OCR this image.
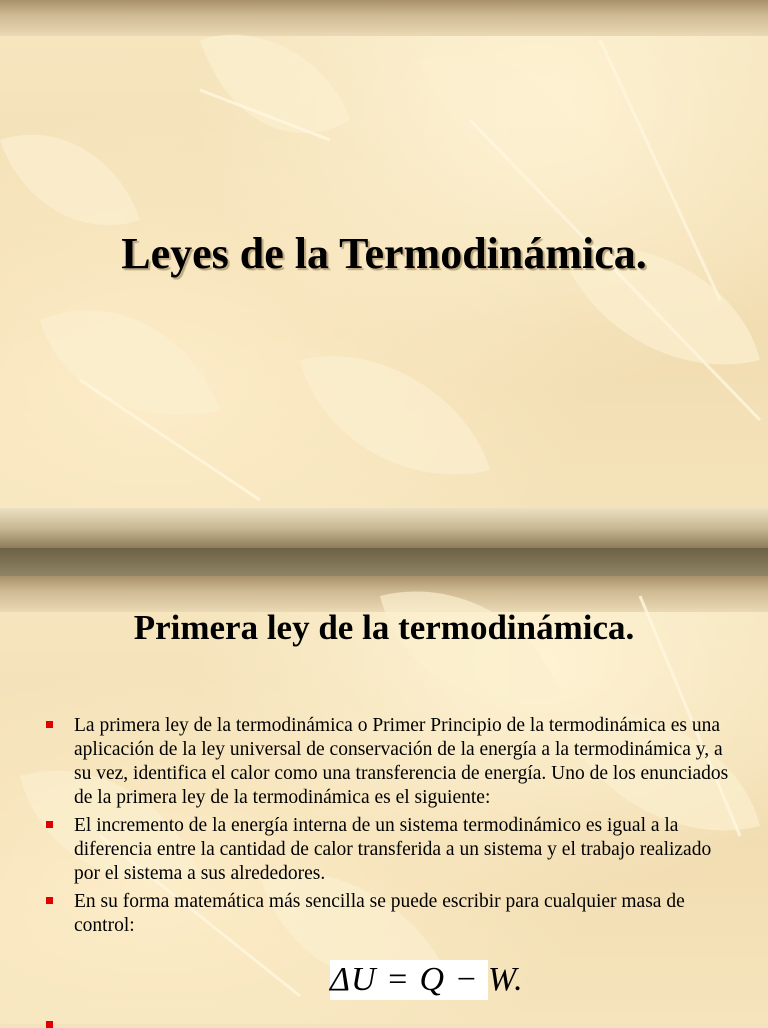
Leyes de la Termodinámica.
Primera ley de la termodinámica.
La primera ley de la termodinámica o Primer Principio de la termodinámica es una aplicación de la ley universal de conservación de la energía a la termodinámica y, a su vez, identifica el calor como una transferencia de energía. Uno de los enunciados de la primera ley de la termodinámica es el siguiente:
El incremento de la energía interna de un sistema termodinámico es igual a la diferencia entre la cantidad de calor transferida a un sistema y el trabajo realizado por el sistema a sus alrededores.
En su forma matemática más sencilla se puede escribir para cualquier masa de control:
ΔU = Q − W.
